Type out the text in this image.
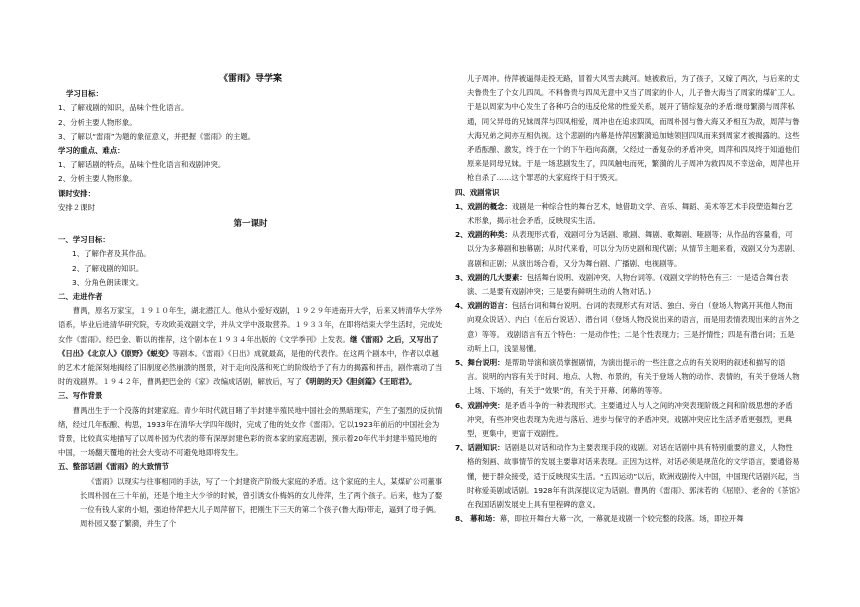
《雷雨》导学案

学习目标：

1、了解戏剧的知识，品味个性化语言。

2、分析主要人物形象。

3、了解以“雷雨”为题的象征意义，并把握《雷雨》的主题。

学习的重点、难点：

1、了解话剧的特点，品味个性化语言和戏剧冲突。

2、分析主要人物形象。

课时安排：

安排２课时

第一课时

一、学习目标：

1、了解作者及其作品。

2、了解戏剧的知识。

3、分角色朗读课文。

二、走进作者

曹禺，原名万家宝，１９１０年生，湖北潜江人。他从小爱好戏剧，１９２９年进南开大学，后来又转清华大学外语系，毕业后进清华研究院，专攻欧美戏剧文学，并从文学中汲取营养。１９３３年，在即将结束大学生活时，完成处女作《雷雨》。经巴金、靳以的推荐，这个剧本在１９３４年出版的《文学季刊》上发表。继《雷雨》之后，又写出了《日出》《北京人》《原野》《蜕变》等剧本。《雷雨》《日出》成就最高，是他的代表作。在这两个剧本中，作者以卓越的艺术才能深刻地揭经了旧制度必然崩溃的图景，对于走向没落和死亡的阶级给予了有力的揭露和抨击，剧作震动了当时的戏剧界。１９４２年，曹禺把巴金的《家》改编成话剧，解放后，写了《明朗的天》《胆剑篇》《王昭君》。

三、写作背景

曹禺出生于一个没落的封建家庭。青少年时代就目睹了半封建半殖民地中国社会的黑暗现实，产生了强烈的反抗情绪，经过几年酝酿、构思，1933年在清华大学四年级时，完成了他的处女作《雷雨》。它以1923年前后的中国社会为背景，比较真实地描写了以周朴园为代表的带有深厚封建色彩的资本家的家庭悲剧，预示着20年代半封建半殖民地的中国，一场翻天覆地的社会大变动不可避免地即将发生。

五、整部话剧《雷雨》的大致情节

《雷雨》以现实与往事相同的手法，写了一个封建资产阶级大家庭的矛盾。这个家庭的主人，某煤矿公司董事长周朴园在三十年前，还是个地主大少爷的时候，曾引诱女仆梅妈的女儿侍萍，生了两个孩子。后来，他为了娶一位有钱人家的小姐，强迫侍萍把大儿子周萍留下，把刚生下三天的第二个孩子(鲁大海)带走，逼到了母子俩。周朴园又娶了繁漪，并生了个

儿子周冲。侍萍被逼得走投无路，冒着大风雪去跳河。她被救后，为了孩子，又嫁了两次，与后来的丈夫鲁贵生了个女儿四凤。不料鲁贵与四凤无意中又当了周家的仆人，儿子鲁大海当了周家的煤矿工人。于是以周家为中心发生了各种巧合的违反伦常的性爱关系，展开了错综复杂的矛盾:继母繁漪与周萍私通，同父异母的兄妹周萍与四凤相爱，周冲也在追求四凤，而周朴园与鲁大海又矛相互为敌，周萍与鲁大海兄弟之间亦互相仇视。这个悲剧的内幕是侍萍因繁漪追加她领回四凤而来到周家才被揭露的。这些矛盾酝酿、激发，终于在一个的下午趋向高潮，父经过一番复杂的矛盾冲突，周萍和四凤终于知道他们原来是同母兄妹。于是一场悲剧发生了，四凤触电而死，繁漪的儿子周冲为救四凤不幸送命，周萍也开枪自杀了……这个罪恶的大家庭终于归于毁灭。

四、戏剧常识

1、戏剧的概念：戏剧是一种综合性的舞台艺术，她借助文学、音乐、舞蹈、美术等艺术手段塑造舞台艺术形象，揭示社会矛盾，反映现实生活。

2、戏剧的种类：从表现形式看，戏剧可分为话剧、歌剧、舞剧、歌舞剧、哑剧等；从作品的容量看，可以分为多幕剧和独幕剧；从时代来看，可以分为历史剧和现代剧；从情节主题来看，戏剧又分为悲剧、喜剧和正剧；从演出场合看，又分为舞台剧、广播剧、电视剧等。

3、戏剧的几大要素：包括舞台说明、戏剧冲突、人物台词等。(戏剧文学的特色有三：一是适合舞台表演、二是要有戏剧冲突；三是要有鲜明生动的人物对话。)

4、戏剧的语言：包括台词和舞台说明。台词的表现形式有对话、独白、旁白（登场人物离开其他人物而向观众说话）、内白（在后台说话）、潜台词（登场人物没说出来的语言，而是用表情表现出来的言外之意）等等。 戏剧语言有五个特色：一是动作性；二是个性表现力；三是抒情性；四是有潜台词；五是动听上口，浅显易懂。

5、舞台说明：是帮助导演和演员掌握剧情，为演出提示的一些注意之点的有关说明的叙述和描写的语言。说明的内容有关于时间、地点、人物、布景的，有关于登场人物的动作、表情的，有关于登场人物上场、下场的，有关于“效果”的，有关于开幕、闭幕的等等。

6、戏剧冲突：是矛盾斗争的一种表现形式。主要通过人与人之间的冲突表现阶级之间和阶级思想的矛盾冲突，有些冲突也表现为先进与落后、进步与保守的矛盾冲突。戏剧冲突应比生活矛盾更强烈，更典型，更集中，更富于戏剧性。

7、话剧知识：话剧是以对话和动作为主要表现手段的戏剧。对话在话剧中具有特别重要的意义，人物性格的刻画、故事情节的发展主要靠对话来表现。正因为这样，对话必须是规范化的文学语言，要通俗易懂，便于群众接受，适于反映现实生活。“五四运动”以后，欧洲戏剧传入中国，中国现代话剧兴起，当时称爱美剧或话剧。1928年有洪深提议定为话剧。曹禺的《雷雨》、郭沫若的《屈原》、老舍的《茶馆》在我国话剧发展史上具有里程碑的意义。

8、 幕和场：幕，即拉开舞台大幕一次，一幕就是戏剧一个较完整的段落。场，即拉开舞
